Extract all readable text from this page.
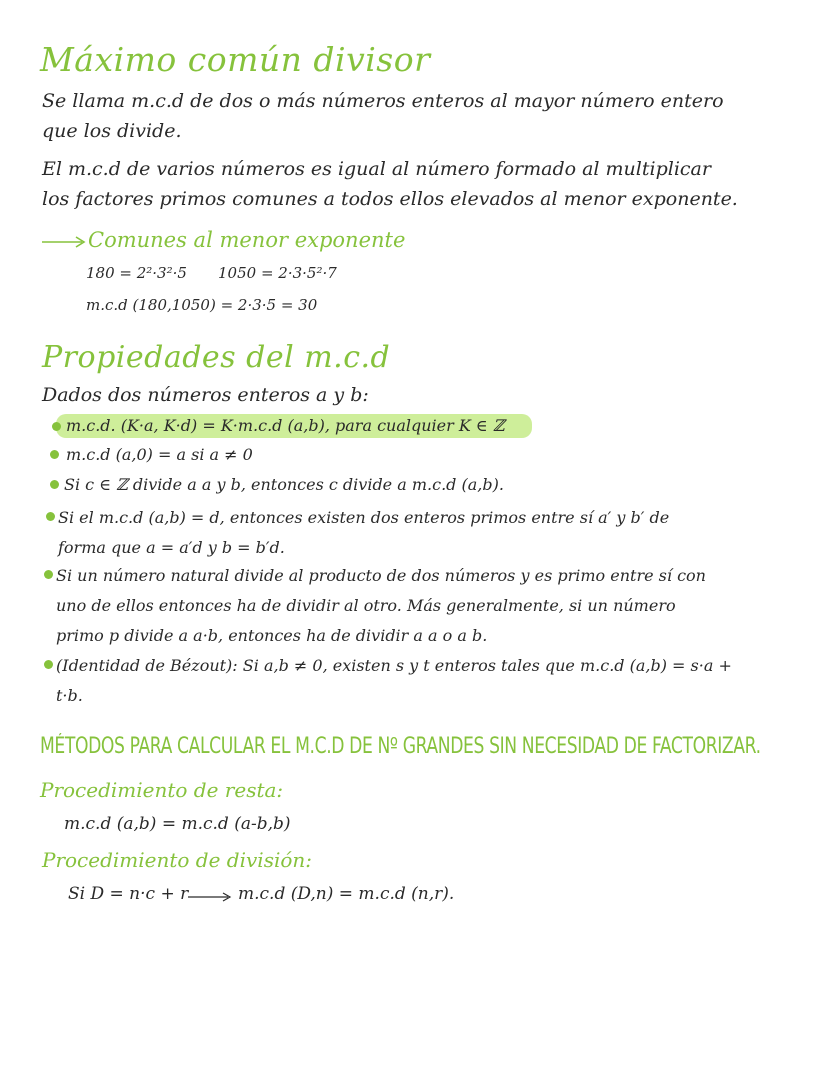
Máximo común divisor
Se llama m.c.d de dos o más números enteros al mayor número entero que los divide.
El m.c.d de varios números es igual al número formado al multiplicar los factores primos comunes a todos ellos elevados al menor exponente.
Comunes al menor exponente
180 = 2²·3²·5 1050 = 2·3·5²·7
m.c.d (180,1050) = 2·3·5 = 30
Propiedades del m.c.d
Dados dos números enteros a y b:
m.c.d. (K·a, K·d) = K·m.c.d (a,b), para cualquier K ∈ ℤ
m.c.d (a,0) = a si a ≠ 0
Si c ∈ ℤ divide a a y b, entonces c divide a m.c.d (a,b).
Si el m.c.d (a,b) = d, entonces existen dos enteros primos entre sí a′ y b′ de forma que a = a′d y b = b′d.
Si un número natural divide al producto de dos números y es primo entre sí con uno de ellos entonces ha de dividir al otro. Más generalmente, si un número primo p divide a a·b, entonces ha de dividir a a o a b.
(Identidad de Bézout): Si a,b ≠ 0, existen s y t enteros tales que m.c.d (a,b) = s·a + t·b.
MÉTODOS PARA CALCULAR EL M.C.D DE Nº GRANDES SIN NECESIDAD DE FACTORIZAR.
Procedimiento de resta:
m.c.d (a,b) = m.c.d (a-b,b)
Procedimiento de división:
Si D = n·c + r	m.c.d (D,n) = m.c.d (n,r).
